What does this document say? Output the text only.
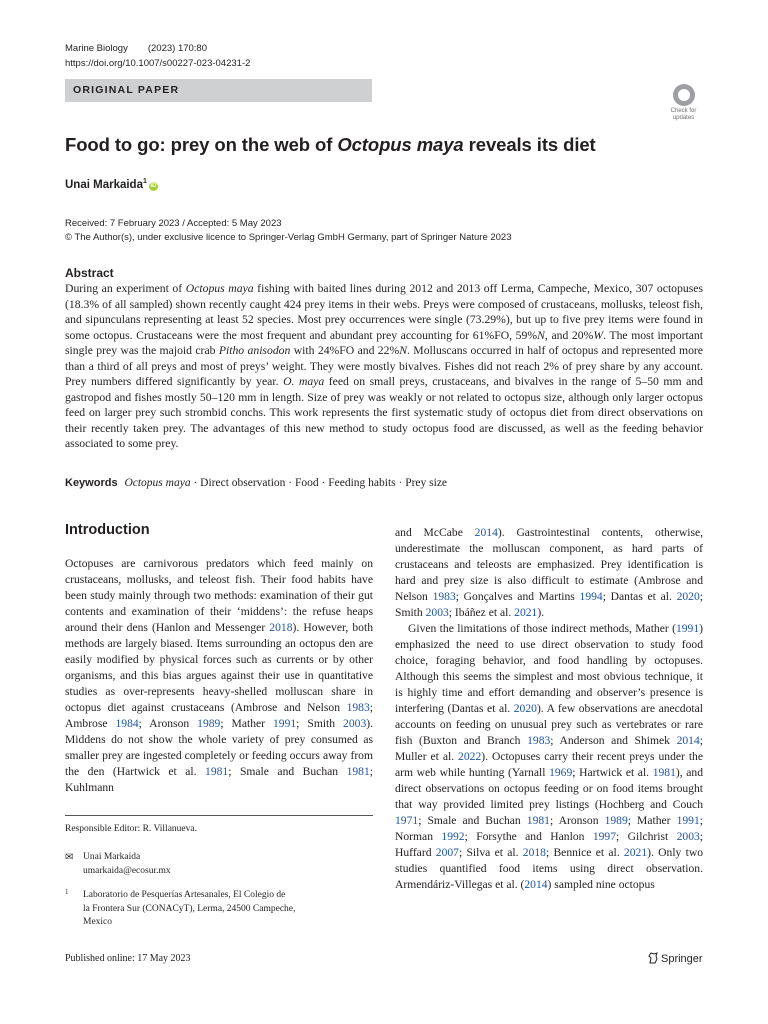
Marine Biology (2023) 170:80
https://doi.org/10.1007/s00227-023-04231-2
ORIGINAL PAPER
Check for updates
Food to go: prey on the web of Octopus maya reveals its diet
Unai Markaida$^1$iD
Received: 7 February 2023 / Accepted: 5 May 2023
© The Author(s), under exclusive licence to Springer-Verlag GmbH Germany, part of Springer Nature 2023
Abstract
During an experiment of Octopus maya fishing with baited lines during 2012 and 2013 off Lerma, Campeche, Mexico, 307 octopuses (18.3% of all sampled) shown recently caught 424 prey items in their webs. Preys were composed of crustaceans, mollusks, teleost fish, and sipunculans representing at least 52 species. Most prey occurrences were single (73.29%), but up to five prey items were found in some octopus. Crustaceans were the most frequent and abundant prey accounting for 61%FO, 59%N, and 20%W. The most important single prey was the majoid crab Pitho anisodon with 24%FO and 22%N. Molluscans occurred in half of octopus and represented more than a third of all preys and most of preys’ weight. They were mostly bivalves. Fishes did not reach 2% of prey share by any account. Prey numbers differed significantly by year. O. maya feed on small preys, crustaceans, and bivalves in the range of 5–50 mm and gastropod and fishes mostly 50–120 mm in length. Size of prey was weakly or not related to octopus size, although only larger octopus feed on larger prey such strombid conchs. This work represents the first systematic study of octopus diet from direct observations on their recently taken prey. The advantages of this new method to study octopus food are discussed, as well as the feeding behavior associated to some prey.
Keywords Octopus maya · Direct observation · Food · Feeding habits · Prey size
Introduction

Octopuses are carnivorous predators which feed mainly on crustaceans, mollusks, and teleost fish. Their food habits have been study mainly through two methods: examination of their gut contents and examination of their ‘middens’: the refuse heaps around their dens (Hanlon and Messenger 2018). However, both methods are largely biased. Items surrounding an octopus den are easily modified by physical forces such as currents or by other organisms, and this bias argues against their use in quantitative studies as over-represents heavy-shelled molluscan share in octopus diet against crustaceans (Ambrose and Nelson 1983; Ambrose 1984; Aronson 1989; Mather 1991; Smith 2003). Middens do not show the whole variety of prey consumed as smaller prey are ingested completely or feeding occurs away from the den (Hartwick et al. 1981; Smale and Buchan 1981; Kuhlmann

and McCabe 2014). Gastrointestinal contents, otherwise, underestimate the molluscan component, as hard parts of crustaceans and teleosts are emphasized. Prey identification is hard and prey size is also difficult to estimate (Ambrose and Nelson 1983; Gonçalves and Martins 1994; Dantas et al. 2020; Smith 2003; Ibáñez et al. 2021).

Given the limitations of those indirect methods, Mather (1991) emphasized the need to use direct observation to study food choice, foraging behavior, and food handling by octopuses. Although this seems the simplest and most obvious technique, it is highly time and effort demanding and observer’s presence is interfering (Dantas et al. 2020). A few observations are anecdotal accounts on feeding on unusual prey such as vertebrates or rare fish (Buxton and Branch 1983; Anderson and Shimek 2014; Muller et al. 2022). Octopuses carry their recent preys under the arm web while hunting (Yarnall 1969; Hartwick et al. 1981), and direct observations on octopus feeding or on food items brought that way provided limited prey listings (Hochberg and Couch 1971; Smale and Buchan 1981; Aronson 1989; Mather 1991; Norman 1992; Forsythe and Hanlon 1997; Gilchrist 2003; Huffard 2007; Silva et al. 2018; Bennice et al. 2021). Only two studies quantified food items using direct observation. Armendáriz-Villegas et al. (2014) sampled nine octopus

Responsible Editor: R. Villanueva.
✉ Unai Markaida
umarkaida@ecosur.mx
1 Laboratorio de Pesquerías Artesanales, El Colegio de
la Frontera Sur (CONACyT), Lerma, 24500 Campeche,
Mexico
Published online: 17 May 2023	Springer
